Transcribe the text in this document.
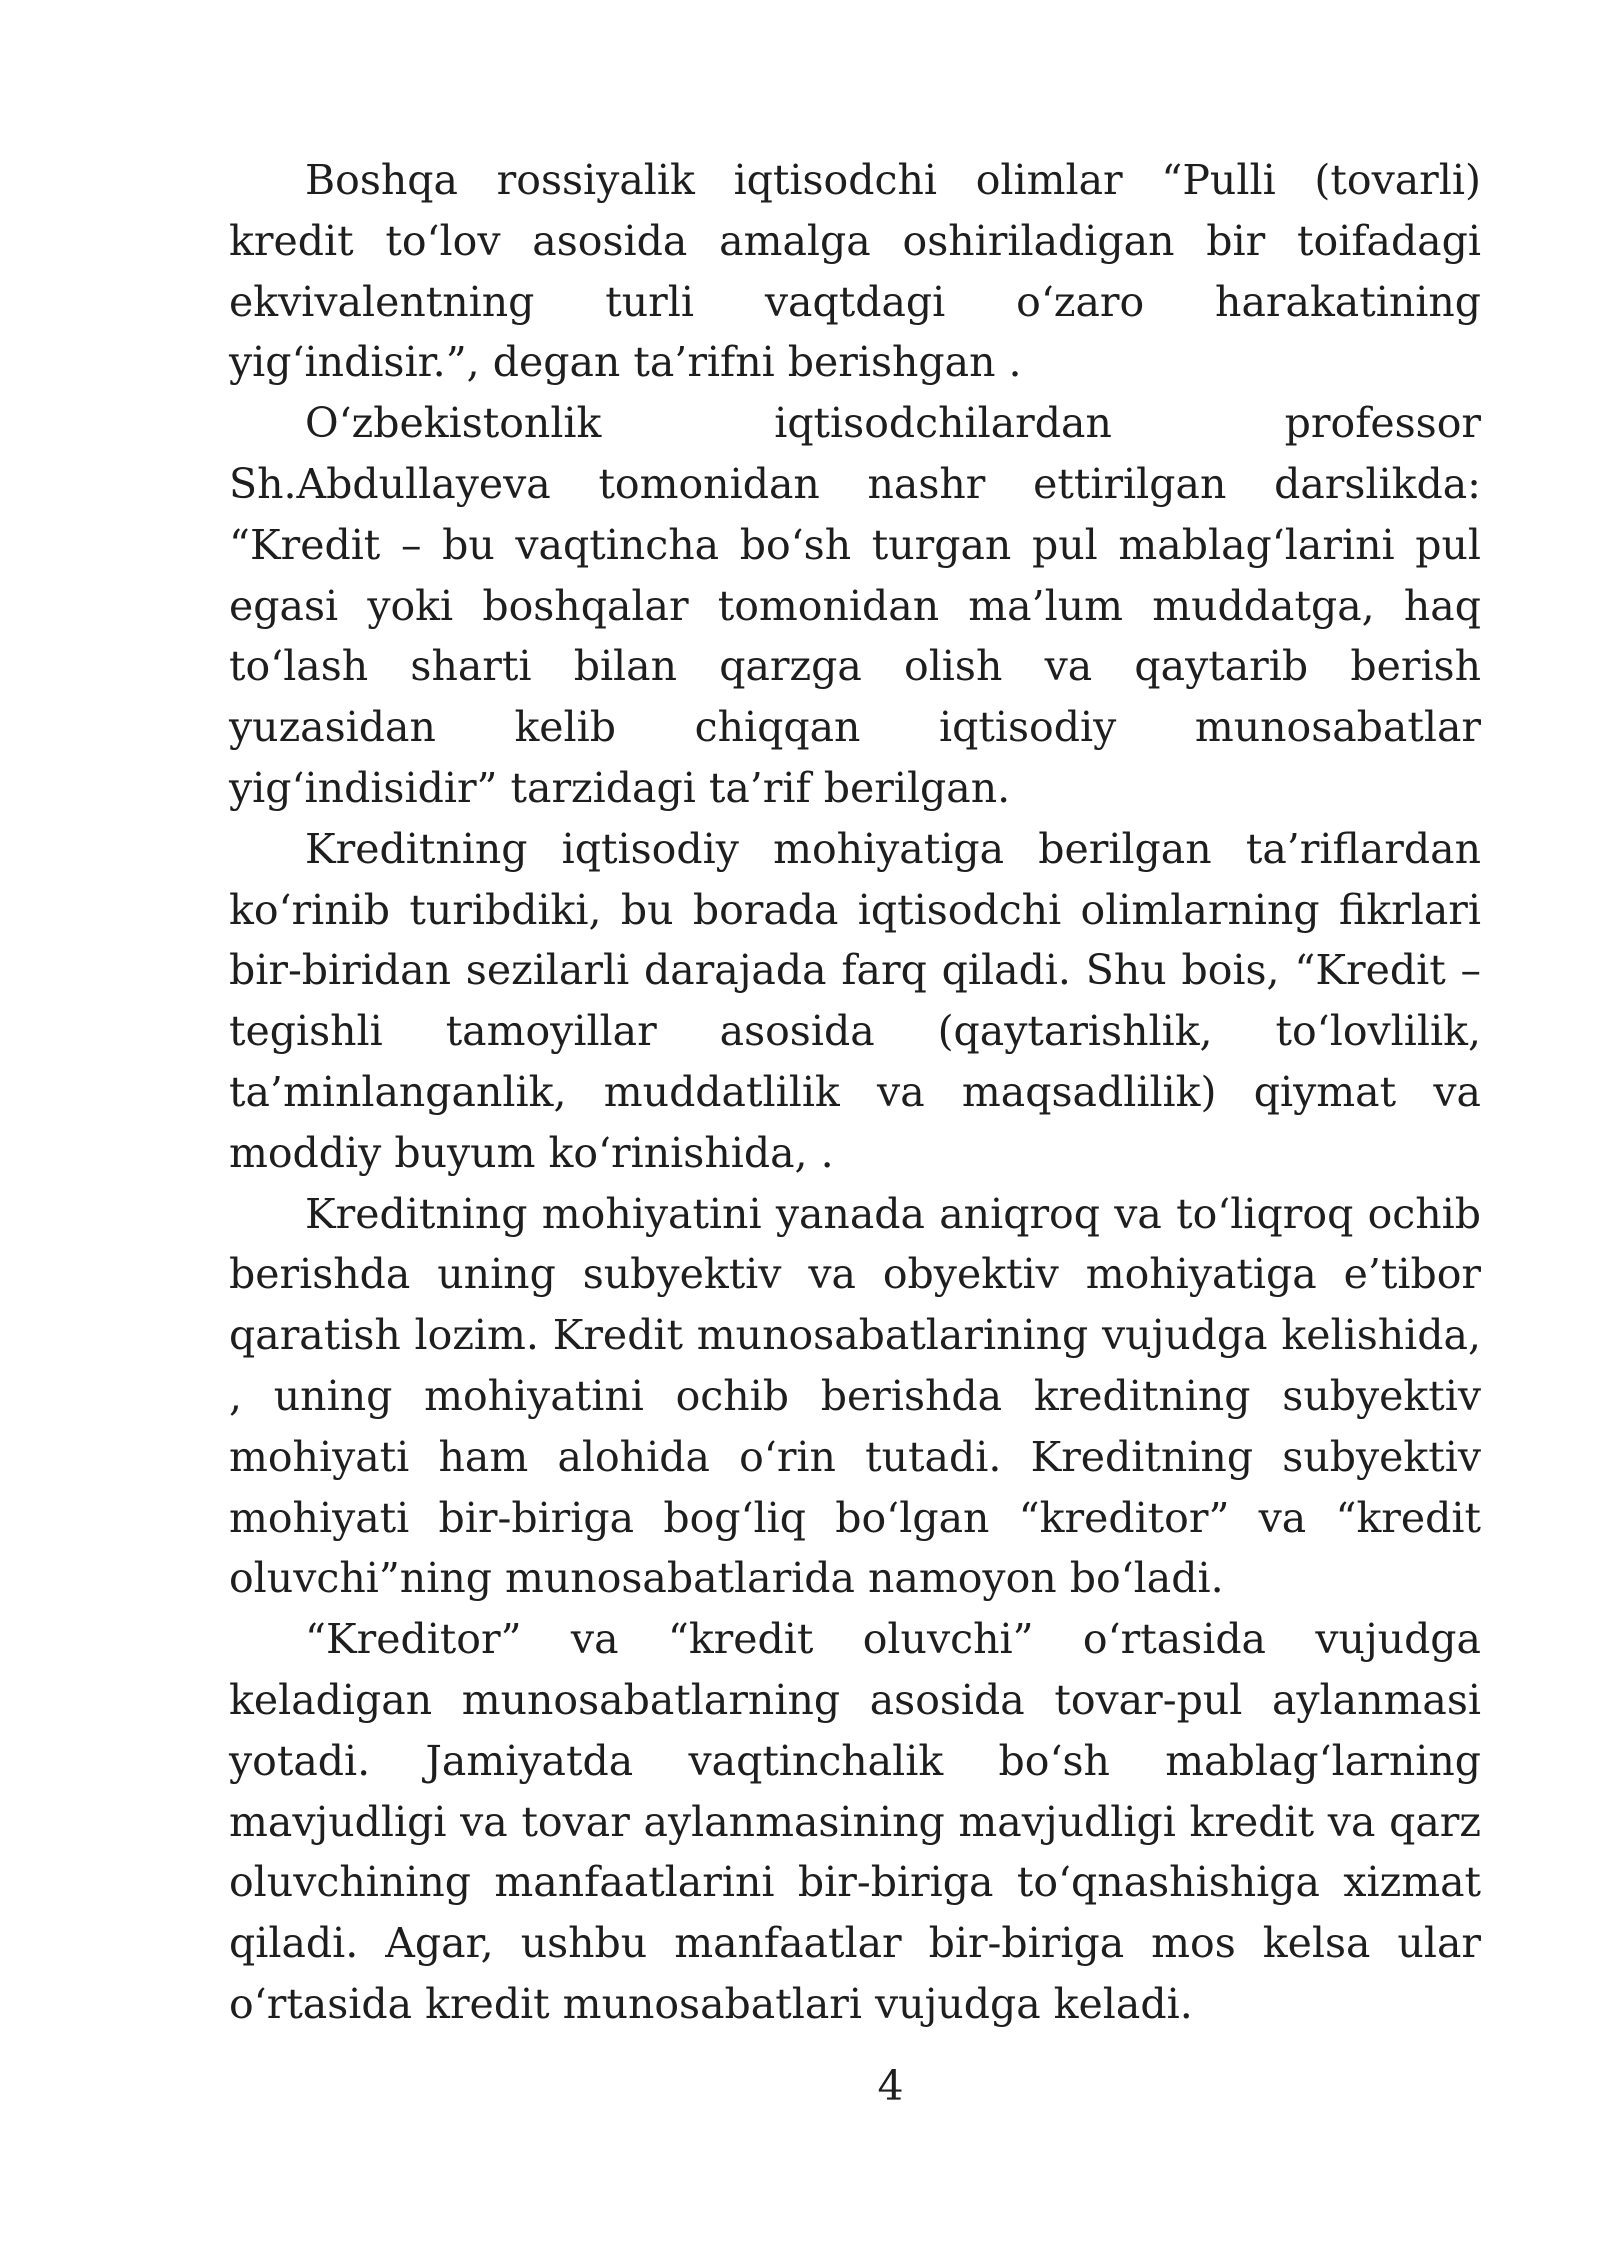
Boshqa rossiyalik iqtisodchi olimlar “Pulli (tovarli) kredit to‘lov asosida amalga oshiriladigan bir toifadagi ekvivalentning turli vaqtdagi o‘zaro harakatining yig‘indisir.”, degan ta’rifni berishgan .

O‘zbekistonlik iqtisodchilardan professor Sh.Abdullayeva tomonidan nashr ettirilgan darslikda: “Kredit – bu vaqtincha bo‘sh turgan pul mablag‘larini pul egasi yoki boshqalar tomonidan ma’lum muddatga, haq to‘lash sharti bilan qarzga olish va qaytarib berish yuzasidan kelib chiqqan iqtisodiy munosabatlar yig‘indisidir” tarzidagi ta’rif berilgan.

Kreditning iqtisodiy mohiyatiga berilgan ta’riflardan ko‘rinib turibdiki, bu borada iqtisodchi olimlarning fikrlari bir-biridan sezilarli darajada farq qiladi. Shu bois, “Kredit – tegishli tamoyillar asosida (qaytarishlik, to‘lovlilik, ta’minlanganlik, muddatlilik va maqsadlilik) qiymat va moddiy buyum ko‘rinishida, .

Kreditning mohiyatini yanada aniqroq va to‘liqroq ochib berishda uning subyektiv va obyektiv mohiyatiga e’tibor qaratish lozim. Kredit munosabatlarining vujudga kelishida, , uning mohiyatini ochib berishda kreditning subyektiv mohiyati ham alohida o‘rin tutadi. Kreditning subyektiv mohiyati bir-biriga bog‘liq bo‘lgan “kreditor” va “kredit oluvchi”ning munosabatlarida namoyon bo‘ladi.

“Kreditor” va “kredit oluvchi” o‘rtasida vujudga keladigan munosabatlarning asosida tovar-pul aylanmasi yotadi. Jamiyatda vaqtinchalik bo‘sh mablag‘larning mavjudligi va tovar aylanmasining mavjudligi kredit va qarz oluvchining manfaatlarini bir-biriga to‘qnashishiga xizmat qiladi. Agar, ushbu manfaatlar bir-biriga mos kelsa ular o‘rtasida kredit munosabatlari vujudga keladi.

4
